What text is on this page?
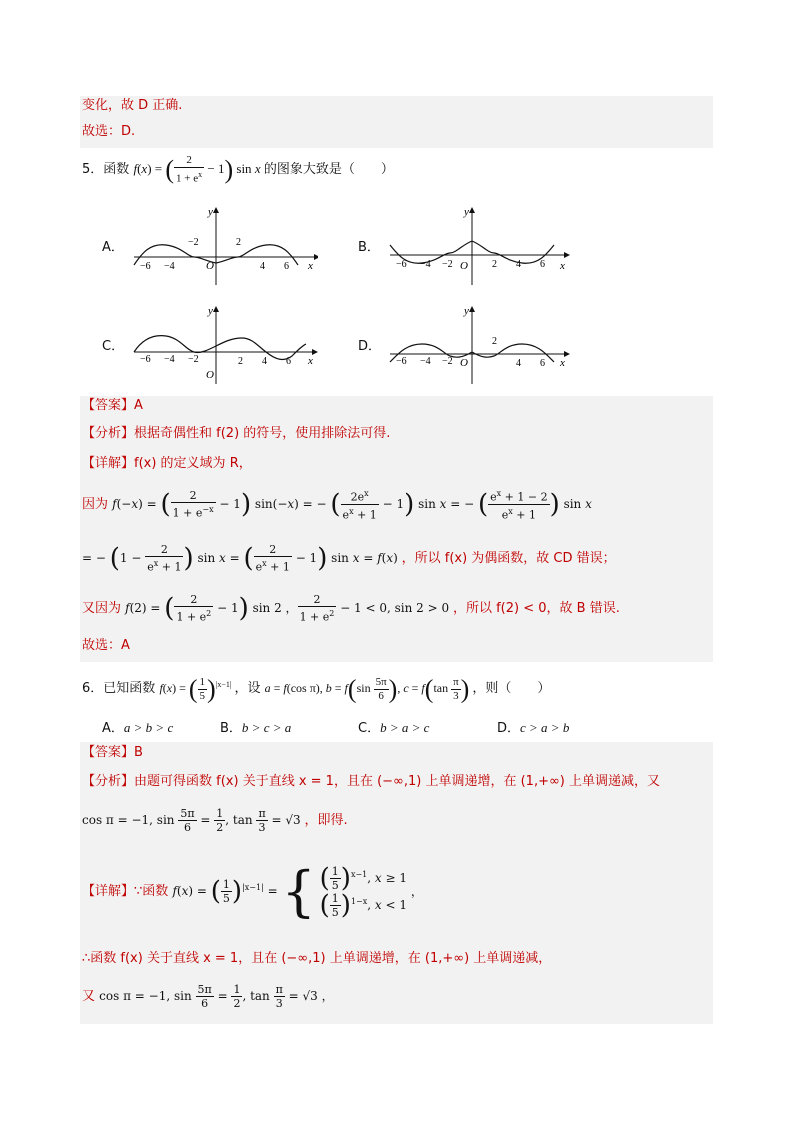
变化，故 D 正确.
故选：D.
5．函数 f(x) = ( $\frac{2}{1 + e^x} - 1$) sin x 的图象大致是（　　）
A．	B．
C．	D．
y
x
O
−6 −4
−2	2
4 6
y
x
O
−6 −4 −2	2 4 6
y
x
O
−6 −4 −2	2 4 6
y
x
O
−6 −4 −2
2
4 6
【答案】A
【分析】根据奇偶性和 f(2) 的符号，使用排除法可得.
【详解】f(x) 的定义域为 R，
因为 f(−x) = ( $\frac{2}{1 + e^{-x}} - 1$) sin(−x) = − ( $\frac{2e^x}{e^x + 1} - 1$) sin x = − ( $\frac{e^x + 1 - 2}{e^x + 1}$ ) sin x
= − ($1 - \frac{2}{e^x + 1}$ ) sin x = ( $\frac{2}{e^x + 1} - 1$) sin x = f(x) ，所以 f(x) 为偶函数，故 CD 错误；
又因为 f(2) = ( $\frac{2}{1 + e^2} - 1$) sin 2 ， $\frac{2}{1 + e^2} - 1 < 0$, sin 2 > 0 ，所以 f(2) < 0，故 B 错误.
故选：A
6．已知函数 f(x) = ( $\frac{1}{5} )^{|x-1|}$ ，设 a = f(cos π), $b = f(\sin \frac{5\pi}{6}$ ), $c = f(\tan \frac{\pi}{3}$ ) ，则（　　）
A．a > b > c	B．b > c > a	C．b > a > c	D．c > a > b
【答案】B
【分析】由题可得函数 f(x) 关于直线 x = 1，且在 (−∞,1) 上单调递增，在 (1,+∞) 上单调递减，又
cos π = −1, $\sin \frac{5\pi}{6} = \frac{1}{2}$ , $\tan \frac{\pi}{3} = √3$ ，即得.
【详解】∵函数 f(x) = ( $\frac{1}{5} )^{|x-1|}$ = { ( $\frac{1}{5} )^{x-1}$, x ≥ 1
( $\frac{1}{5} )^{1-x}$, x < 1
，
∴函数 f(x) 关于直线 x = 1，且在 (−∞,1) 上单调递增，在 (1,+∞) 上单调递减，
又 cos π = −1, $\sin \frac{5\pi}{6} = \frac{1}{2}$ , $\tan \frac{\pi}{3} = √3$ ，
